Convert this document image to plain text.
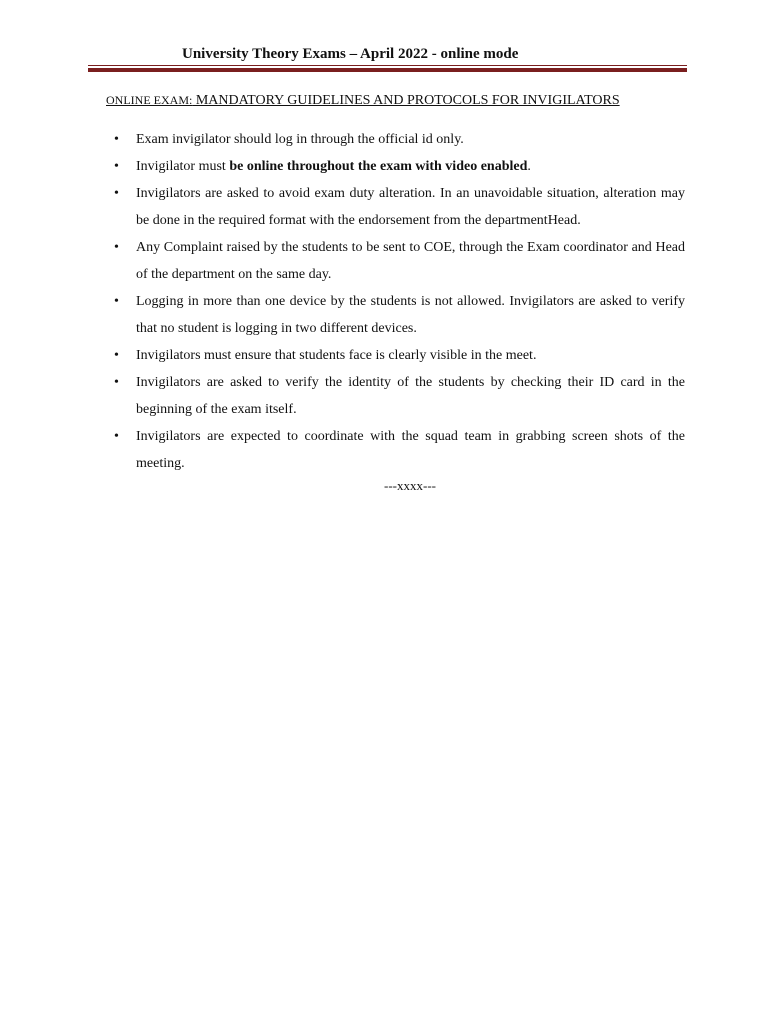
University Theory Exams – April 2022 - online mode
ONLINE EXAM: MANDATORY GUIDELINES AND PROTOCOLS FOR INVIGILATORS
• Exam invigilator should log in through the official id only.
• Invigilator must be online throughout the exam with video enabled.
• Invigilators are asked to avoid exam duty alteration. In an unavoidable situation, alteration may be done in the required format with the endorsement from the departmentHead.
• Any Complaint raised by the students to be sent to COE, through the Exam coordinator and Head of the department on the same day.
• Logging in more than one device by the students is not allowed. Invigilators are asked to verify that no student is logging in two different devices.
• Invigilators must ensure that students face is clearly visible in the meet.
• Invigilators are asked to verify the identity of the students by checking their ID card in the beginning of the exam itself.
• Invigilators are expected to coordinate with the squad team in grabbing screen shots of the meeting.
---xxxx---
